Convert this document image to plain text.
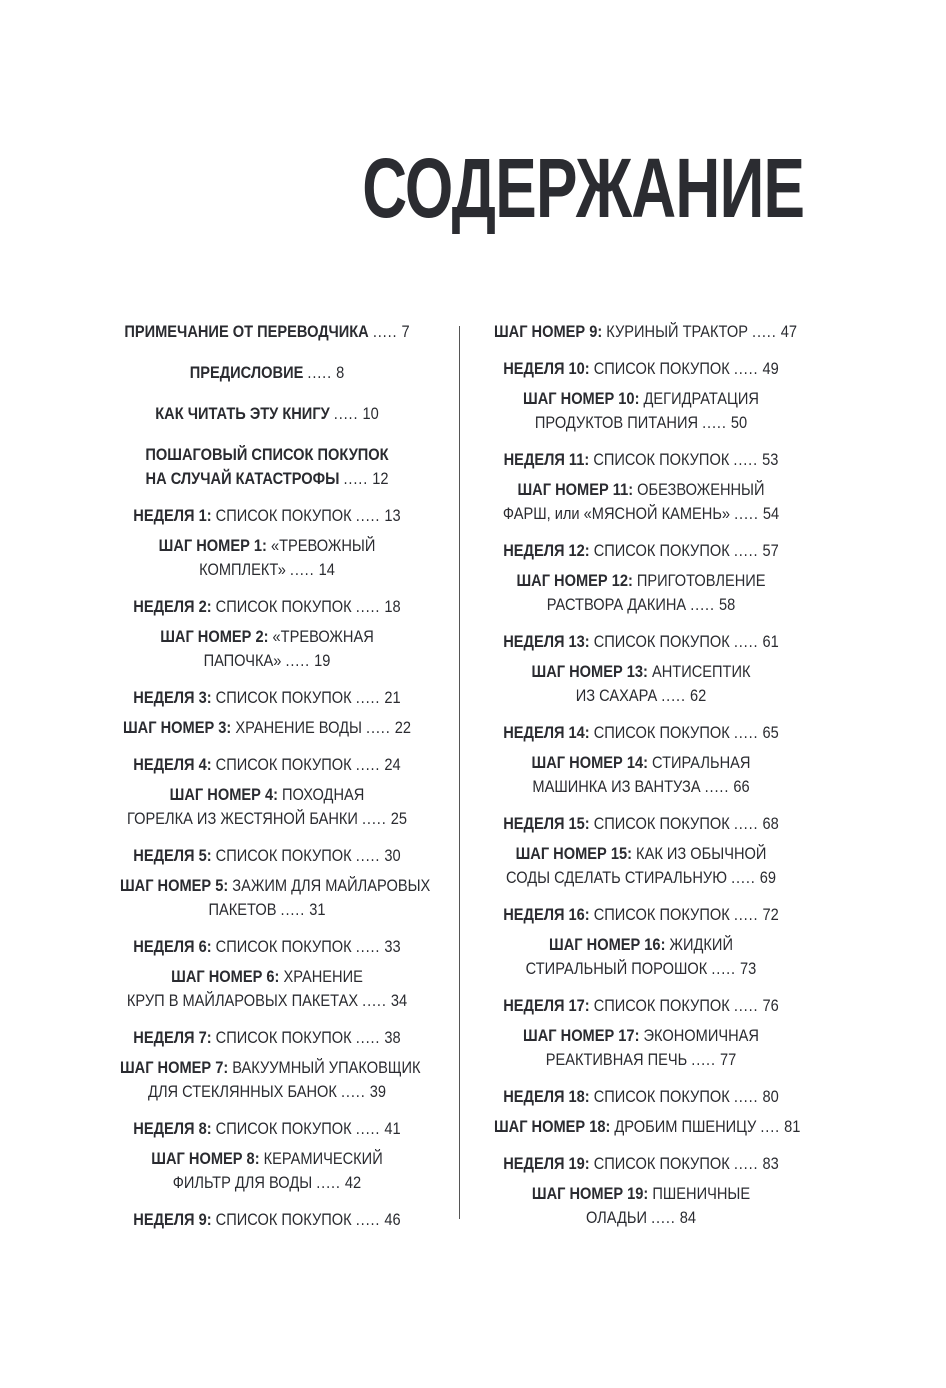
СОДЕРЖАНИЕ
ПРИМЕЧАНИЕ ОТ ПЕРЕВОДЧИКА ..... 7
ПРЕДИСЛОВИЕ ..... 8
КАК ЧИТАТЬ ЭТУ КНИГУ ..... 10
ПОШАГОВЫЙ СПИСОК ПОКУПОК
НА СЛУЧАЙ КАТАСТРОФЫ ..... 12
НЕДЕЛЯ 1: СПИСОК ПОКУПОК ..... 13
ШАГ НОМЕР 1: «ТРЕВОЖНЫЙ
КОМПЛЕКТ» ..... 14
НЕДЕЛЯ 2: СПИСОК ПОКУПОК ..... 18
ШАГ НОМЕР 2: «ТРЕВОЖНАЯ
ПАПОЧКА» ..... 19
НЕДЕЛЯ 3: СПИСОК ПОКУПОК ..... 21
ШАГ НОМЕР 3: ХРАНЕНИЕ ВОДЫ ..... 22
НЕДЕЛЯ 4: СПИСОК ПОКУПОК ..... 24
ШАГ НОМЕР 4: ПОХОДНАЯ
ГОРЕЛКА ИЗ ЖЕСТЯНОЙ БАНКИ ..... 25
НЕДЕЛЯ 5: СПИСОК ПОКУПОК ..... 30
ШАГ НОМЕР 5: ЗАЖИМ ДЛЯ МАЙЛАРОВЫХ
ПАКЕТОВ ..... 31
НЕДЕЛЯ 6: СПИСОК ПОКУПОК ..... 33
ШАГ НОМЕР 6: ХРАНЕНИЕ
КРУП В МАЙЛАРОВЫХ ПАКЕТАХ ..... 34
НЕДЕЛЯ 7: СПИСОК ПОКУПОК ..... 38
ШАГ НОМЕР 7: ВАКУУМНЫЙ УПАКОВЩИК
ДЛЯ СТЕКЛЯННЫХ БАНОК ..... 39
НЕДЕЛЯ 8: СПИСОК ПОКУПОК ..... 41
ШАГ НОМЕР 8: КЕРАМИЧЕСКИЙ
ФИЛЬТР ДЛЯ ВОДЫ ..... 42
НЕДЕЛЯ 9: СПИСОК ПОКУПОК ..... 46
ШАГ НОМЕР 9: КУРИНЫЙ ТРАКТОР ..... 47
НЕДЕЛЯ 10: СПИСОК ПОКУПОК ..... 49
ШАГ НОМЕР 10: ДЕГИДРАТАЦИЯ
ПРОДУКТОВ ПИТАНИЯ ..... 50
НЕДЕЛЯ 11: СПИСОК ПОКУПОК ..... 53
ШАГ НОМЕР 11: ОБЕЗВОЖЕННЫЙ
ФАРШ, или «МЯСНОЙ КАМЕНЬ» ..... 54
НЕДЕЛЯ 12: СПИСОК ПОКУПОК ..... 57
ШАГ НОМЕР 12: ПРИГОТОВЛЕНИЕ
РАСТВОРА ДАКИНА ..... 58
НЕДЕЛЯ 13: СПИСОК ПОКУПОК ..... 61
ШАГ НОМЕР 13: АНТИСЕПТИК
ИЗ САХАРА ..... 62
НЕДЕЛЯ 14: СПИСОК ПОКУПОК ..... 65
ШАГ НОМЕР 14: СТИРАЛЬНАЯ
МАШИНКА ИЗ ВАНТУЗА ..... 66
НЕДЕЛЯ 15: СПИСОК ПОКУПОК ..... 68
ШАГ НОМЕР 15: КАК ИЗ ОБЫЧНОЙ
СОДЫ СДЕЛАТЬ СТИРАЛЬНУЮ ..... 69
НЕДЕЛЯ 16: СПИСОК ПОКУПОК ..... 72
ШАГ НОМЕР 16: ЖИДКИЙ
СТИРАЛЬНЫЙ ПОРОШОК ..... 73
НЕДЕЛЯ 17: СПИСОК ПОКУПОК ..... 76
ШАГ НОМЕР 17: ЭКОНОМИЧНАЯ
РЕАКТИВНАЯ ПЕЧЬ ..... 77
НЕДЕЛЯ 18: СПИСОК ПОКУПОК ..... 80
ШАГ НОМЕР 18: ДРОБИМ ПШЕНИЦУ .... 81
НЕДЕЛЯ 19: СПИСОК ПОКУПОК ..... 83
ШАГ НОМЕР 19: ПШЕНИЧНЫЕ
ОЛАДЬИ ..... 84
